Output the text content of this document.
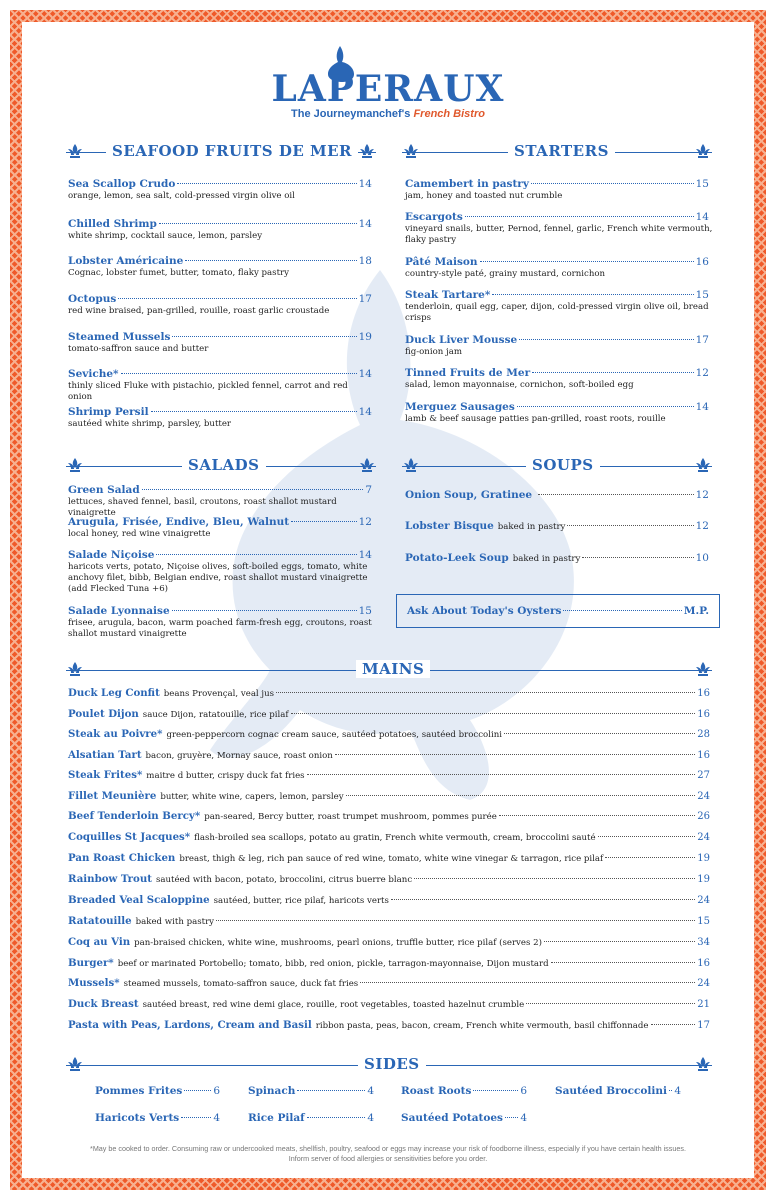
LAPERAUX
The Journeymanchef's French Bistro
SEAFOOD FRUITS DE MER	STARTERS
Sea Scallop Crudo	14
orange, lemon, sea salt, cold-pressed virgin olive oil
Chilled Shrimp	14
white shrimp, cocktail sauce, lemon, parsley
Lobster Américaine	18
Cognac, lobster fumet, butter, tomato, flaky pastry
Octopus	17
red wine braised, pan-grilled, rouille, roast garlic croustade
Steamed Mussels	19
tomato-saffron sauce and butter
Seviche*	14
thinly sliced Fluke with pistachio, pickled fennel, carrot and red onion
Shrimp Persil	14
sautéed white shrimp, parsley, butter
Camembert in pastry	15
jam, honey and toasted nut crumble
Escargots	14
vineyard snails, butter, Pernod, fennel, garlic, French white vermouth, flaky pastry
Pâté Maison	16
country-style paté, grainy mustard, cornichon
Steak Tartare*	15
tenderloin, quail egg, caper, dijon, cold-pressed virgin olive oil, bread crisps
Duck Liver Mousse	17
fig-onion jam
Tinned Fruits de Mer	12
salad, lemon mayonnaise, cornichon, soft-boiled egg
Merguez Sausages	14
lamb & beef sausage patties pan-grilled, roast roots, rouille
SALADS	SOUPS
Green Salad	7
lettuces, shaved fennel, basil, croutons, roast shallot mustard vinaigrette
Arugula, Frisée, Endive, Bleu, Walnut	12
local honey, red wine vinaigrette
Salade Niçoise	14
haricots verts, potato, Niçoise olives, soft-boiled eggs, tomato, white anchovy filet, bibb, Belgian endive, roast shallot mustard vinaigrette (add Flecked Tuna +6)
Salade Lyonnaise	15
frisee, arugula, bacon, warm poached farm-fresh egg, croutons, roast shallot mustard vinaigrette
Onion Soup, Gratinee	12
Lobster Bisque baked in pastry	12
Potato-Leek Soup baked in pastry	10
Ask About Today's Oysters	M.P.
MAINS
Duck Leg Confit beans Provençal, veal jus	16
Poulet Dijon sauce Dijon, ratatouille, rice pilaf	16
Steak au Poivre* green-peppercorn cognac cream sauce, sautéed potatoes, sautéed broccolini	28
Alsatian Tart bacon, gruyère, Mornay sauce, roast onion	16
Steak Frites* maitre d butter, crispy duck fat fries	27
Fillet Meunière butter, white wine, capers, lemon, parsley	24
Beef Tenderloin Bercy* pan-seared, Bercy butter, roast trumpet mushroom, pommes purée	26
Coquilles St Jacques* flash-broiled sea scallops, potato au gratin, French white vermouth, cream, broccolini sauté	24
Pan Roast Chicken breast, thigh & leg, rich pan sauce of red wine, tomato, white wine vinegar & tarragon, rice pilaf	19
Rainbow Trout sautéed with bacon, potato, broccolini, citrus buerre blanc	19
Breaded Veal Scaloppine sautéed, butter, rice pilaf, haricots verts	24
Ratatouille baked with pastry	15
Coq au Vin pan-braised chicken, white wine, mushrooms, pearl onions, truffle butter, rice pilaf (serves 2)	34
Burger* beef or marinated Portobello; tomato, bibb, red onion, pickle, tarragon-mayonnaise, Dijon mustard	16
Mussels* steamed mussels, tomato-saffron sauce, duck fat fries	24
Duck Breast sautéed breast, red wine demi glace, rouille, root vegetables, toasted hazelnut crumble	21
Pasta with Peas, Lardons, Cream and Basil ribbon pasta, peas, bacon, cream, French white vermouth, basil chiffonnade	17
SIDES
Pommes Frites	6	Spinach	4	Roast Roots	6	Sautéed Broccolini 4
Haricots Verts	4	Rice Pilaf	4	Sautéed Potatoes 4
*May be cooked to order. Consuming raw or undercooked meats, shellfish, poultry, seafood or eggs may increase your risk of foodborne illness, especially if you have certain health issues.
Inform server of food allergies or sensitivities before you order.
